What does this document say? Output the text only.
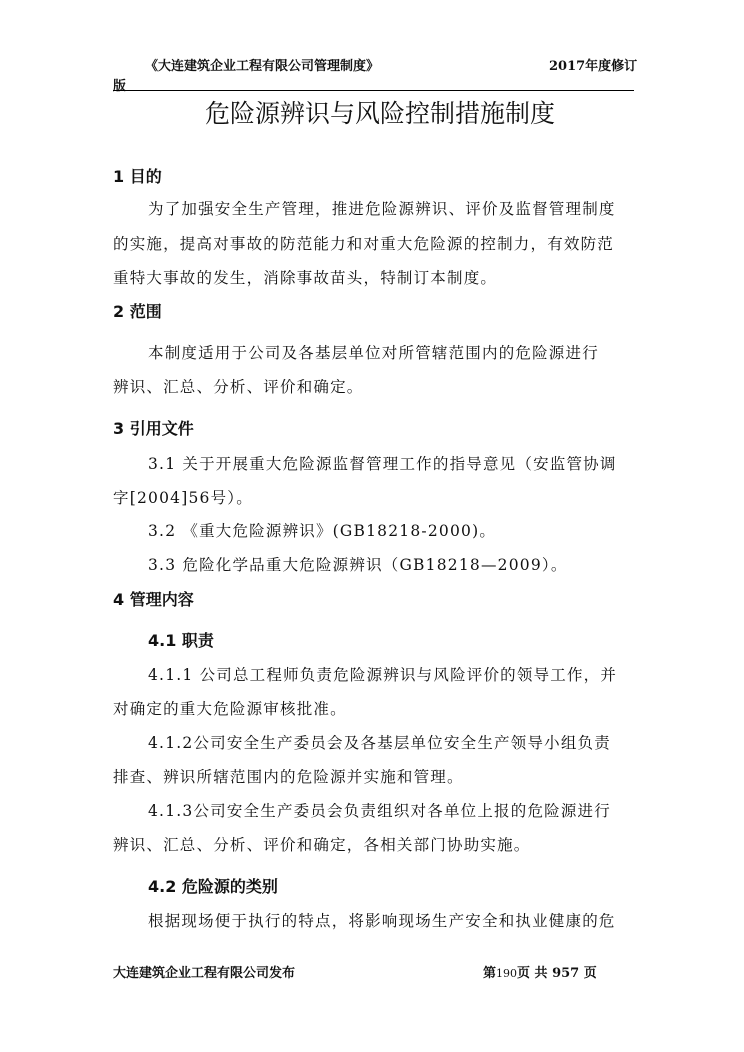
《大连建筑企业工程有限公司管理制度》	2017年度修订
版
危险源辨识与风险控制措施制度
1 目的
为了加强安全生产管理，推进危险源辨识、评价及监督管理制度
的实施，提高对事故的防范能力和对重大危险源的控制力，有效防范
重特大事故的发生，消除事故苗头，特制订本制度。
2 范围
本制度适用于公司及各基层单位对所管辖范围内的危险源进行
辨识、汇总、分析、评价和确定。
3 引用文件
3.1 关于开展重大危险源监督管理工作的指导意见（安监管协调
字[2004]56号）。
3.2 《重大危险源辨识》(GB18218-2000)。
3.3 危险化学品重大危险源辨识（GB18218—2009）。
4 管理内容
4.1 职责
4.1.1 公司总工程师负责危险源辨识与风险评价的领导工作，并
对确定的重大危险源审核批准。
4.1.2公司安全生产委员会及各基层单位安全生产领导小组负责
排查、辨识所辖范围内的危险源并实施和管理。
4.1.3公司安全生产委员会负责组织对各单位上报的危险源进行
辨识、汇总、分析、评价和确定，各相关部门协助实施。
4.2 危险源的类别
根据现场便于执行的特点，将影响现场生产安全和执业健康的危
大连建筑企业工程有限公司发布	第190页 共 957 页
